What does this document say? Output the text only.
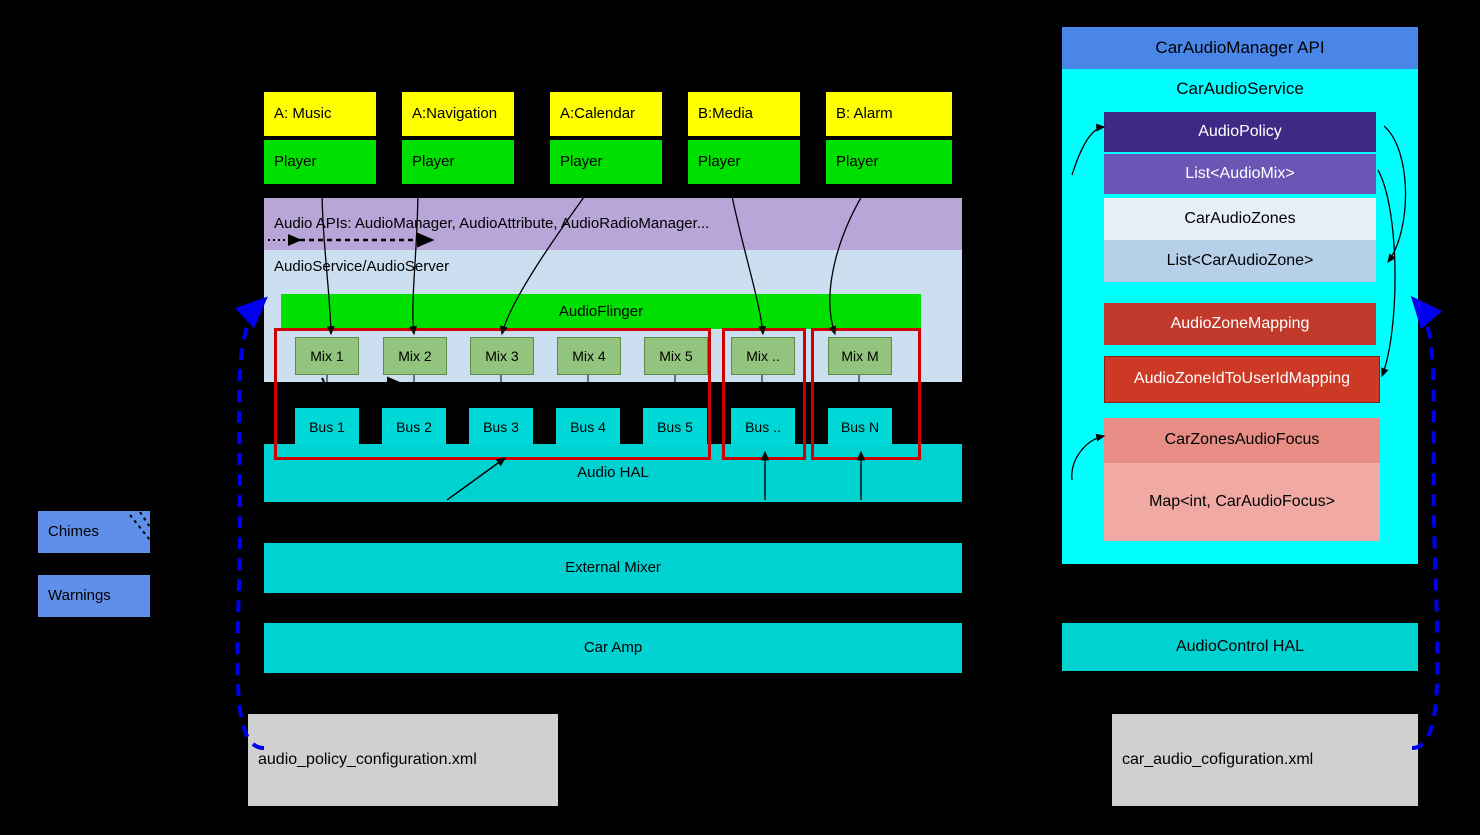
A: Music
Player
A:Navigation
Player
A:Calendar
Player
B:Media
Player
B: Alarm
Player
Audio APIs: AudioManager, AudioAttribute, AudioRadioManager...
AudioService/AudioServer
AudioFlinger
Mix 1	Mix 2	Mix 3	Mix 4	Mix 5	Mix ..	Mix M
Audio HAL
Bus 1	Bus 2	Bus 3	Bus 4	Bus 5	Bus ..	Bus N
External Mixer
Car Amp
Chimes
Warnings
audio_policy_configuration.xml	car_audio_cofiguration.xml
CarAudioManager API
CarAudioService
AudioPolicy
List<AudioMix>
CarAudioZones
List<CarAudioZone>
AudioZoneMapping
AudioZoneIdToUserIdMapping
CarZonesAudioFocus
Map<int, CarAudioFocus>
AudioControl HAL
